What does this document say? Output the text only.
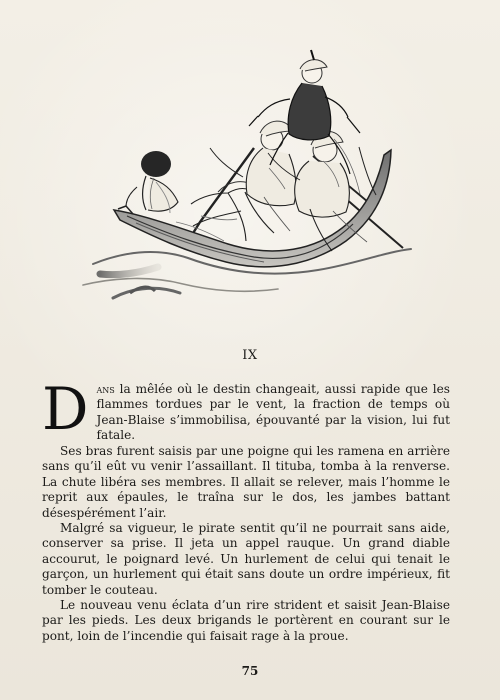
IX

D ans la mêlée où le destin changeait, aussi rapide que les flammes tordues par le vent, la fraction de temps où Jean-Blaise s’immobilisa, épouvanté par la vision, lui fut fatale.

Ses bras furent saisis par une poigne qui les ramena en arrière sans qu’il eût vu venir l’assaillant. Il tituba, tomba à la renverse. La chute libéra ses membres. Il allait se relever, mais l’homme le reprit aux épaules, le traîna sur le dos, les jambes battant désespérément l’air.

Malgré sa vigueur, le pirate sentit qu’il ne pourrait sans aide, conserver sa prise. Il jeta un appel rauque. Un grand diable accourut, le poignard levé. Un hurlement de celui qui tenait le garçon, un hurlement qui était sans doute un ordre impérieux, fit tomber le couteau.

Le nouveau venu éclata d’un rire strident et saisit Jean-Blaise par les pieds. Les deux brigands le portèrent en courant sur le pont, loin de l’incendie qui faisait rage à la proue.

75
